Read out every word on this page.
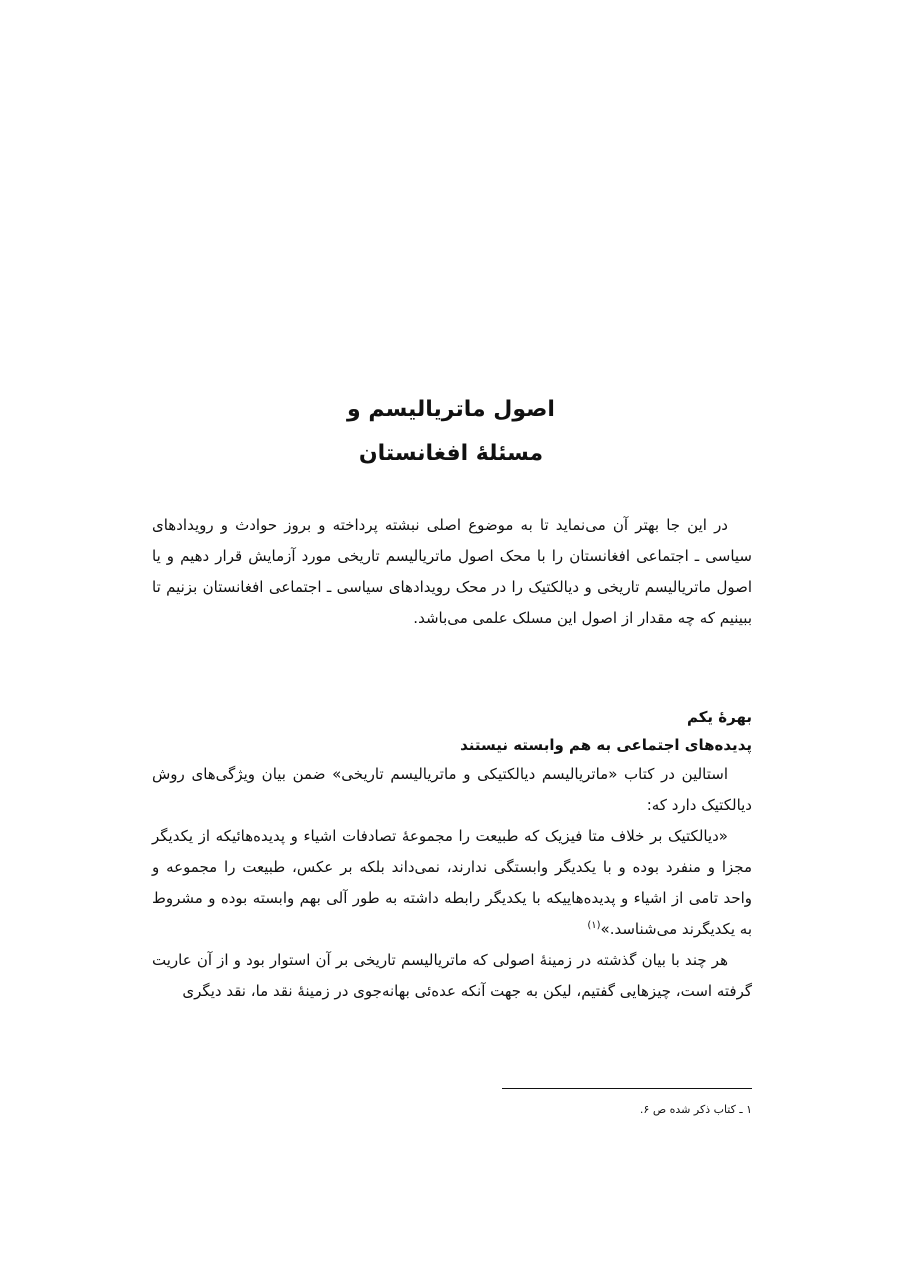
اصول ماتریالیسم و

مسئلهٔ افغانستان

در این جا بهتر آن می‌نماید تا به موضوع اصلی نبشته پرداخته و بروز حوادث و رویدادهای سیاسی ـ اجتماعی افغانستان را با محک اصول ماتریالیسم تاریخی مورد آزمایش قرار دهیم و یا اصول ماتریالیسم تاریخی و دیالکتیک را در محک رویدادهای سیاسی ـ اجتماعی افغانستان بزنیم تا ببینیم که چه مقدار از اصول این مسلک علمی می‌باشد.

بهرهٔ یکم

پدیده‌های اجتماعی به هم وابسته نیستند

استالین در کتاب «ماتریالیسم دیالکتیکی و ماتریالیسم تاریخی» ضمن بیان ویژگی‌های روش دیالکتیک دارد که:

«دیالکتیک بر خلاف متا فیزیک که طبیعت را مجموعهٔ تصادفات اشیاء و پدیده‌هائیکه از یکدیگر مجزا و منفرد بوده و با یکدیگر وابستگی ندارند، نمی‌داند بلکه بر عکس، طبیعت را مجموعه و واحد تامی از اشیاء و پدیده‌هاییکه با یکدیگر رابطه داشته به طور آلی بهم وابسته بوده و مشروط به یکدیگرند می‌شناسد.»$^{(۱)}$

هر چند با بیان گذشته در زمینهٔ اصولی که ماتریالیسم تاریخی بر آن استوار بود و از آن عاریت گرفته است، چیزهایی گفتیم، لیکن به جهت آنکه عده‌ئی بهانه‌جوی در زمینهٔ نقد ما، نقد دیگری

۱ ـ کتاب ذکر شده ص ۶.
